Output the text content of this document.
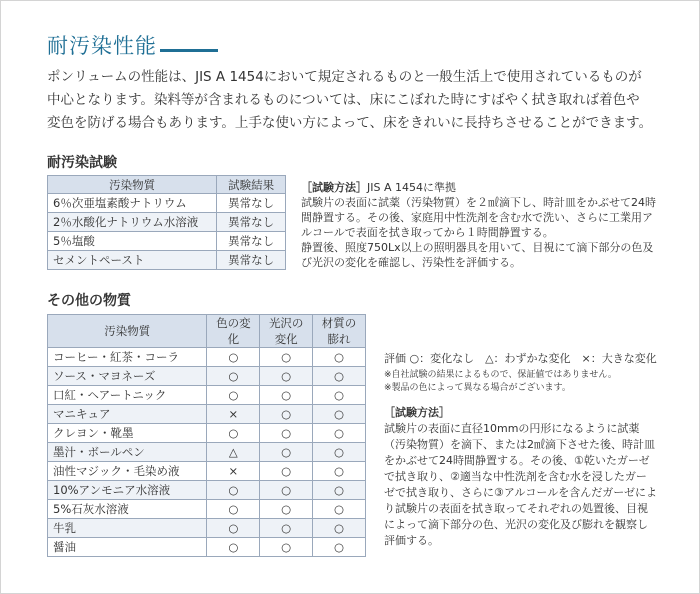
耐汚染性能

ポンリュームの性能は、JIS A 1454において規定されるものと一般生活上で使用されているものが

中心となります。染料等が含まれるものについては、床にこぼれた時にすばやく拭き取れば着色や

変色を防げる場合もあります。上手な使い方によって、床をきれいに長持ちさせることができます。

耐汚染試験
汚染物質	試験結果
6％次亜塩素酸ナトリウム	異常なし
2％水酸化ナトリウム水溶液	異常なし
5％塩酸	異常なし
セメントペースト	異常なし

［試験方法］JIS A 1454に準拠

試験片の表面に試薬（汚染物質）を２㎖滴下し、時計皿をかぶせて24時

間静置する。その後、家庭用中性洗剤を含む水で洗い、さらに工業用ア

ルコールで表面を拭き取ってから１時間静置する。

静置後、照度750Lx以上の照明器具を用いて、目視にて滴下部分の色及

び光沢の変化を確認し、汚染性を評価する。

その他の物質
汚染物質	色の変化	光沢の変化	材質の膨れ
コーヒー・紅茶・コーラ	○	○	○
ソース・マヨネーズ	○	○	○
口紅・ヘアートニック	○	○	○
マニキュア	×	○	○
クレヨン・靴墨	○	○	○
墨汁・ボールペン	△	○	○
油性マジック・毛染め液	×	○	○
10%アンモニア水溶液	○	○	○
5%石灰水溶液	○	○	○
牛乳	○	○	○
醤油	○	○	○

評価 ○：変化なし　△：わずかな変化　×：大きな変化

※自社試験の結果によるもので、保証値ではありません。

※製品の色によって異なる場合がございます。

［試験方法］

試験片の表面に直径10mmの円形になるように試薬

（汚染物質）を滴下、または2㎖滴下させた後、時計皿

をかぶせて24時間静置する。その後、①乾いたガーゼ

で拭き取り、②適当な中性洗剤を含む水を浸したガー

ゼで拭き取り、さらに③アルコールを含んだガーゼによ

り試験片の表面を拭き取ってそれぞれの処置後、目視

によって滴下部分の色、光沢の変化及び膨れを観察し

評価する。
